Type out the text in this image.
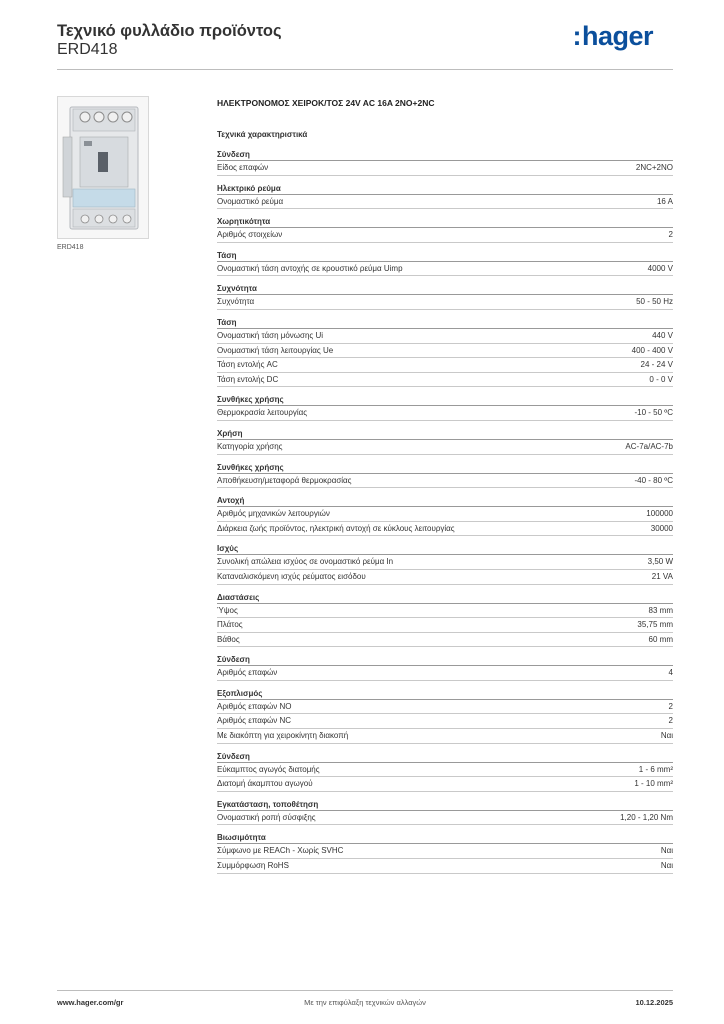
Τεχνικό φυλλάδιο προϊόντος
ERD418	:hager
ERD418
ΗΛΕΚΤΡΟΝΟΜΟΣ ΧΕΙΡΟΚ/ΤΟΣ 24V AC 16A 2NO+2NC
Τεχνικά χαρακτηριστικά
Σύνδεση
Είδος επαφών	2NC+2NO
Ηλεκτρικό ρεύμα
Ονομαστικό ρεύμα	16 A
Χωρητικότητα
Αριθμός στοιχείων	2
Τάση
Ονομαστική τάση αντοχής σε κρουστικό ρεύμα Uimp	4000 V
Συχνότητα
Συχνότητα	50 - 50 Hz
Τάση
Ονομαστική τάση μόνωσης Ui	440 V
Ονομαστική τάση λειτουργίας Ue	400 - 400 V
Τάση εντολής AC	24 - 24 V
Τάση εντολής DC	0 - 0 V
Συνθήκες χρήσης
Θερμοκρασία λειτουργίας	-10 - 50 ºC
Χρήση
Κατηγορία χρήσης	AC-7a/AC-7b
Συνθήκες χρήσης
Αποθήκευση/μεταφορά θερμοκρασίας	-40 - 80 ºC
Αντοχή
Αριθμός μηχανικών λειτουργιών	100000
Διάρκεια ζωής προϊόντος, ηλεκτρική αντοχή σε κύκλους λειτουργίας	30000
Ισχύς
Συνολική απώλεια ισχύος σε ονομαστικό ρεύμα In	3,50 W
Καταναλισκόμενη ισχύς ρεύματος εισόδου	21 VA
Διαστάσεις
Ύψος	83 mm
Πλάτος	35,75 mm
Βάθος	60 mm
Σύνδεση
Αριθμός επαφών	4
Εξοπλισμός
Αριθμός επαφών NO	2
Αριθμός επαφών NC	2
Με διακόπτη για χειροκίνητη διακοπή	Ναι
Σύνδεση
Εύκαμπτος αγωγός διατομής	1 - 6 mm²
Διατομή άκαμπτου αγωγού	1 - 10 mm²
Εγκατάσταση, τοποθέτηση
Ονομαστική ροπή σύσφιξης	1,20 - 1,20 Nm
Βιωσιμότητα
Σύμφωνο με REACh - Χωρίς SVHC	Ναι
Συμμόρφωση RoHS	Ναι
Με την επιφύλαξη τεχνικών αλλαγών
www.hager.com/gr	10.12.2025
